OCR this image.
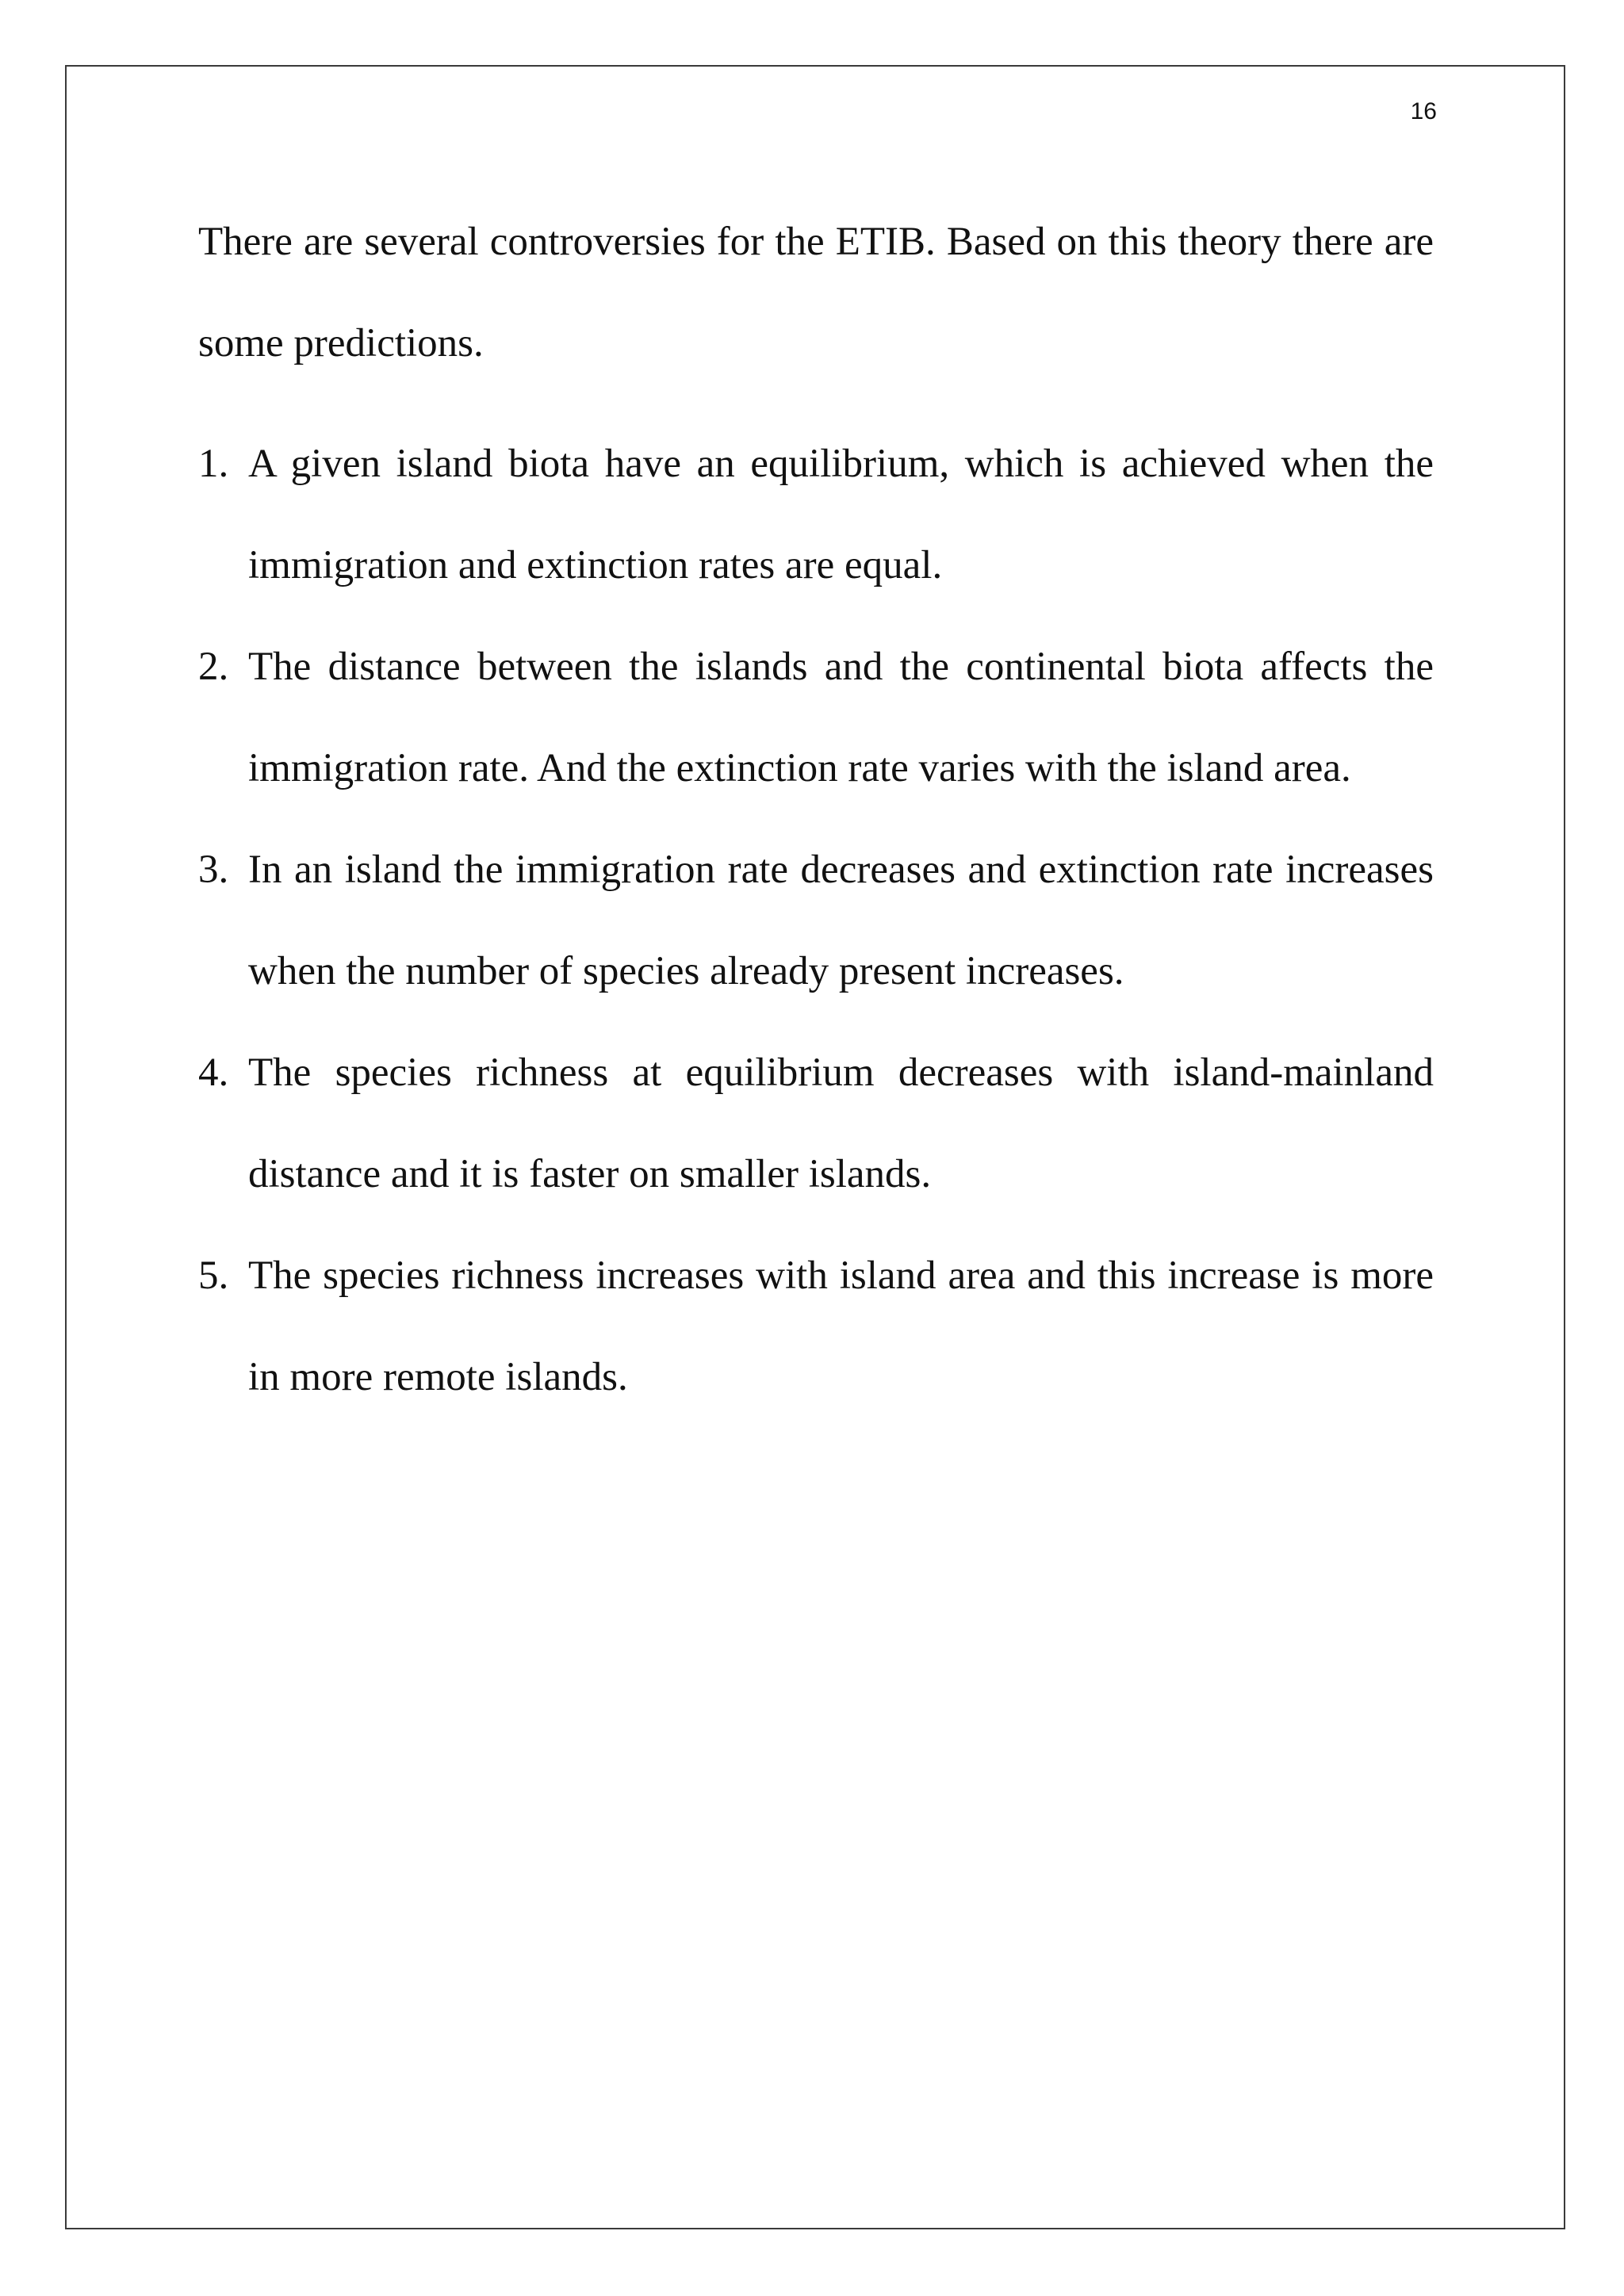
16

There are several controversies for the ETIB. Based on this theory there are some predictions.

1. A given island biota have an equilibrium, which is achieved when the immigration and extinction rates are equal.
2. The distance between the islands and the continental biota affects the immigration rate. And the extinction rate varies with the island area.
3. In an island the immigration rate decreases and extinction rate increases when the number of species already present increases.
4. The species richness at equilibrium decreases with island-mainland distance and it is faster on smaller islands.
5. The species richness increases with island area and this increase is more in more remote islands.
